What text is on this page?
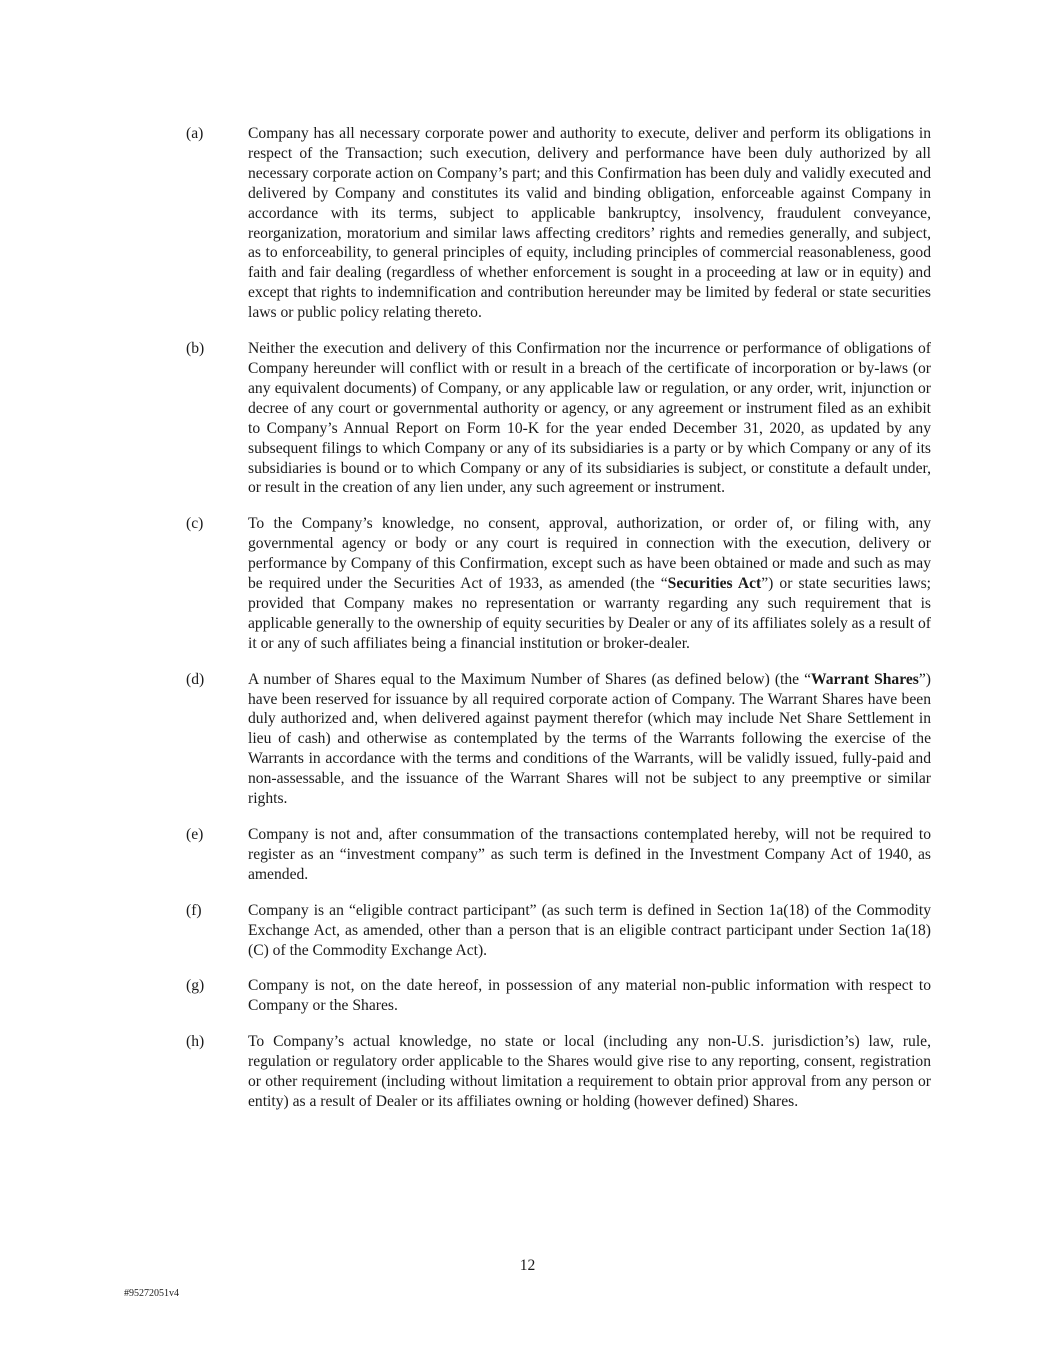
(a)	Company has all necessary corporate power and authority to execute, deliver and perform its obligations in respect of the Transaction; such execution, delivery and performance have been duly authorized by all necessary corporate action on Company’s part; and this Confirmation has been duly and validly executed and delivered by Company and constitutes its valid and binding obligation, enforceable against Company in accordance with its terms, subject to applicable bankruptcy, insolvency, fraudulent conveyance, reorganization, moratorium and similar laws affecting creditors’ rights and remedies generally, and subject, as to enforceability, to general principles of equity, including principles of commercial reasonableness, good faith and fair dealing (regardless of whether enforcement is sought in a proceeding at law or in equity) and except that rights to indemnification and contribution hereunder may be limited by federal or state securities laws or public policy relating thereto.
(b)	Neither the execution and delivery of this Confirmation nor the incurrence or performance of obligations of Company hereunder will conflict with or result in a breach of the certificate of incorporation or by-laws (or any equivalent documents) of Company, or any applicable law or regulation, or any order, writ, injunction or decree of any court or governmental authority or agency, or any agreement or instrument filed as an exhibit to Company’s Annual Report on Form 10-K for the year ended December 31, 2020, as updated by any subsequent filings to which Company or any of its subsidiaries is a party or by which Company or any of its subsidiaries is bound or to which Company or any of its subsidiaries is subject, or constitute a default under, or result in the creation of any lien under, any such agreement or instrument.
(c)	To the Company’s knowledge, no consent, approval, authorization, or order of, or filing with, any governmental agency or body or any court is required in connection with the execution, delivery or performance by Company of this Confirmation, except such as have been obtained or made and such as may be required under the Securities Act of 1933, as amended (the “Securities Act”) or state securities laws; provided that Company makes no representation or warranty regarding any such requirement that is applicable generally to the ownership of equity securities by Dealer or any of its affiliates solely as a result of it or any of such affiliates being a financial institution or broker-dealer.
(d)	A number of Shares equal to the Maximum Number of Shares (as defined below) (the “Warrant Shares”) have been reserved for issuance by all required corporate action of Company. The Warrant Shares have been duly authorized and, when delivered against payment therefor (which may include Net Share Settlement in lieu of cash) and otherwise as contemplated by the terms of the Warrants following the exercise of the Warrants in accordance with the terms and conditions of the Warrants, will be validly issued, fully-paid and non-assessable, and the issuance of the Warrant Shares will not be subject to any preemptive or similar rights.
(e)	Company is not and, after consummation of the transactions contemplated hereby, will not be required to register as an “investment company” as such term is defined in the Investment Company Act of 1940, as amended.
(f)	Company is an “eligible contract participant” (as such term is defined in Section 1a(18) of the Commodity Exchange Act, as amended, other than a person that is an eligible contract participant under Section 1a(18)(C) of the Commodity Exchange Act).
(g)	Company is not, on the date hereof, in possession of any material non-public information with respect to Company or the Shares.
(h)	To Company’s actual knowledge, no state or local (including any non-U.S. jurisdiction’s) law, rule, regulation or regulatory order applicable to the Shares would give rise to any reporting, consent, registration or other requirement (including without limitation a requirement to obtain prior approval from any person or entity) as a result of Dealer or its affiliates owning or holding (however defined) Shares.
12
#95272051v4
